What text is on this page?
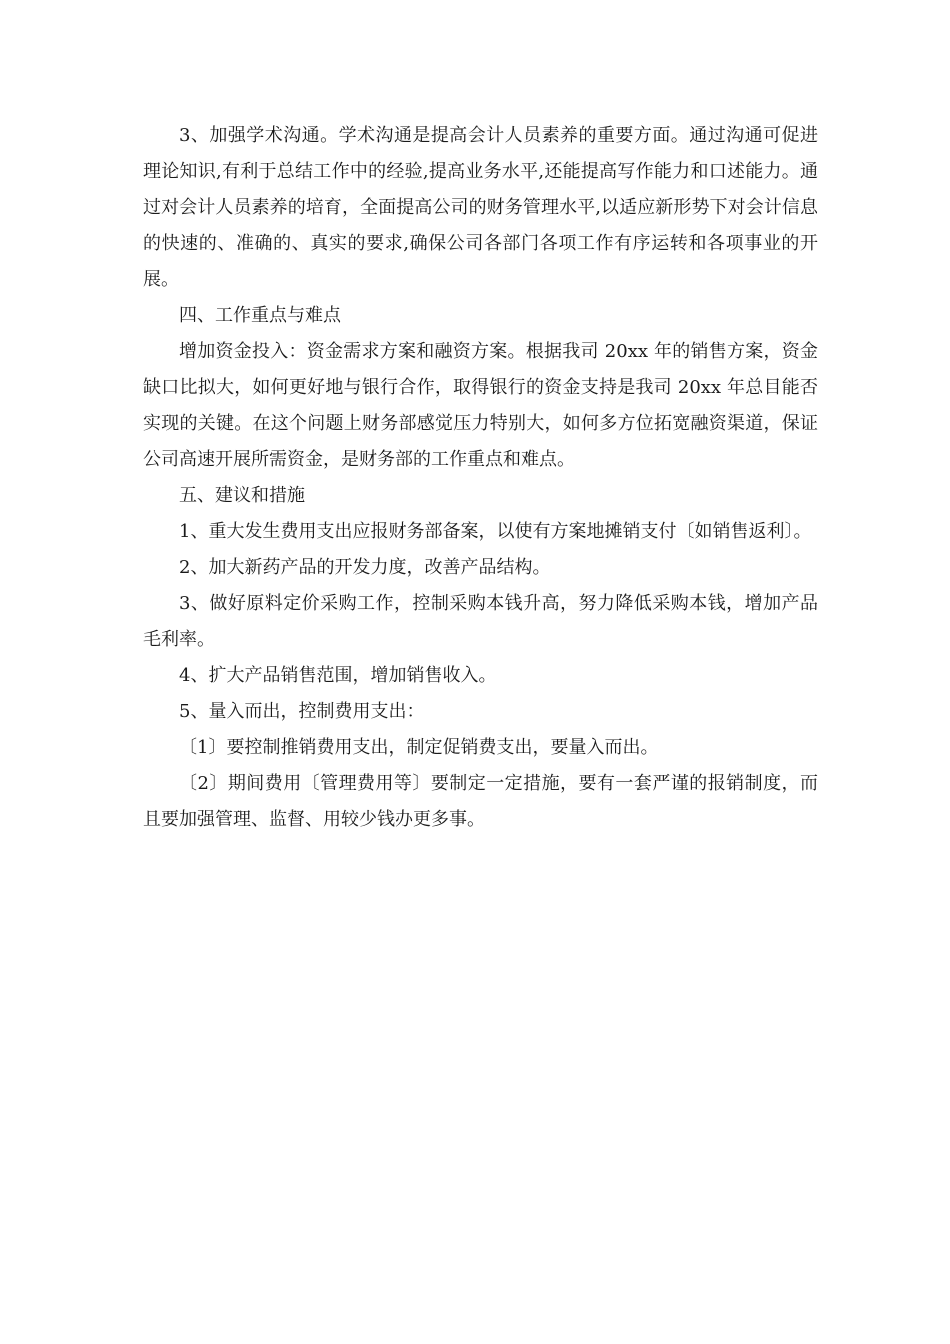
3、加强学术沟通。学术沟通是提高会计人员素养的重要方面。通过沟通可促进理论知识,有利于总结工作中的经验,提高业务水平,还能提高写作能力和口述能力。通过对会计人员素养的培育，全面提高公司的财务管理水平,以适应新形势下对会计信息的快速的、准确的、真实的要求,确保公司各部门各项工作有序运转和各项事业的开展。

四、工作重点与难点

增加资金投入：资金需求方案和融资方案。根据我司 20xx 年的销售方案，资金缺口比拟大，如何更好地与银行合作，取得银行的资金支持是我司 20xx 年总目能否实现的关键。在这个问题上财务部感觉压力特别大，如何多方位拓宽融资渠道，保证公司高速开展所需资金，是财务部的工作重点和难点。

五、建议和措施

1、重大发生费用支出应报财务部备案，以使有方案地摊销支付〔如销售返利〕。

2、加大新药产品的开发力度，改善产品结构。

3、做好原料定价采购工作，控制采购本钱升高，努力降低采购本钱，增加产品毛利率。

4、扩大产品销售范围，增加销售收入。

5、量入而出，控制费用支出：

〔1〕要控制推销费用支出，制定促销费支出，要量入而出。

〔2〕期间费用〔管理费用等〕要制定一定措施，要有一套严谨的报销制度，而且要加强管理、监督、用较少钱办更多事。
